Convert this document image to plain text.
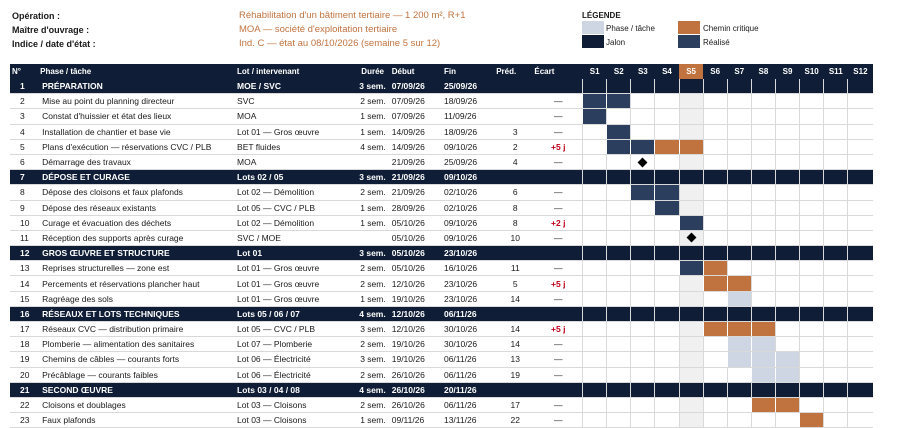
Opération :	Réhabilitation d'un bâtiment tertiaire — 1 200 m², R+1
Maître d'ouvrage :	MOA — société d'exploitation tertiaire
Indice / date d'état :	Ind. C — état au 08/10/2026 (semaine 5 sur 12)
LÉGENDE
Phase / tâche	Chemin critique
Jalon	Réalisé
N°	Phase / tâche	Lot / intervenant	Durée	Début	Fin	Préd.	Écart	S1	S2	S3	S4	S5	S6	S7	S8	S9	S10	S11	S12
1	PRÉPARATION	MOE / SVC	3 sem.	07/09/26	25/09/26														
2	Mise au point du planning directeur	SVC	2 sem.	07/09/26	18/09/26		—												
3	Constat d'huissier et état des lieux	MOA	1 sem.	07/09/26	11/09/26		—												
4	Installation de chantier et base vie	Lot 01 — Gros œuvre	1 sem.	14/09/26	18/09/26	3	—												
5	Plans d'exécution — réservations CVC / PLB	BET fluides	4 sem.	14/09/26	09/10/26	2	+5 j												
6	Démarrage des travaux	MOA		21/09/26	25/09/26	4	—			

7	DÉPOSE ET CURAGE	Lots 02 / 05	3 sem.	21/09/26	09/10/26														
8	Dépose des cloisons et faux plafonds	Lot 02 — Démolition	2 sem.	21/09/26	02/10/26	6	—												
9	Dépose des réseaux existants	Lot 05 — CVC / PLB	1 sem.	28/09/26	02/10/26	8	—												
10	Curage et évacuation des déchets	Lot 02 — Démolition	1 sem.	05/10/26	09/10/26	8	+2 j												
11	Réception des supports après curage	SVC / MOE		05/10/26	09/10/26	10	—					

12	GROS ŒUVRE ET STRUCTURE	Lot 01	3 sem.	05/10/26	23/10/26														
13	Reprises structurelles — zone est	Lot 01 — Gros œuvre	2 sem.	05/10/26	16/10/26	11	—												
14	Percements et réservations plancher haut	Lot 01 — Gros œuvre	2 sem.	12/10/26	23/10/26	5	+5 j												
15	Ragréage des sols	Lot 01 — Gros œuvre	1 sem.	19/10/26	23/10/26	14	—												
16	RÉSEAUX ET LOTS TECHNIQUES	Lots 05 / 06 / 07	4 sem.	12/10/26	06/11/26														
17	Réseaux CVC — distribution primaire	Lot 05 — CVC / PLB	3 sem.	12/10/26	30/10/26	14	+5 j												
18	Plomberie — alimentation des sanitaires	Lot 07 — Plomberie	2 sem.	19/10/26	30/10/26	14	—												
19	Chemins de câbles — courants forts	Lot 06 — Électricité	3 sem.	19/10/26	06/11/26	13	—												
20	Précâblage — courants faibles	Lot 06 — Électricité	2 sem.	26/10/26	06/11/26	19	—												
21	SECOND ŒUVRE	Lots 03 / 04 / 08	4 sem.	26/10/26	20/11/26														
22	Cloisons et doublages	Lot 03 — Cloisons	2 sem.	26/10/26	06/11/26	17	—												
23	Faux plafonds	Lot 03 — Cloisons	1 sem.	09/11/26	13/11/26	22	—												
